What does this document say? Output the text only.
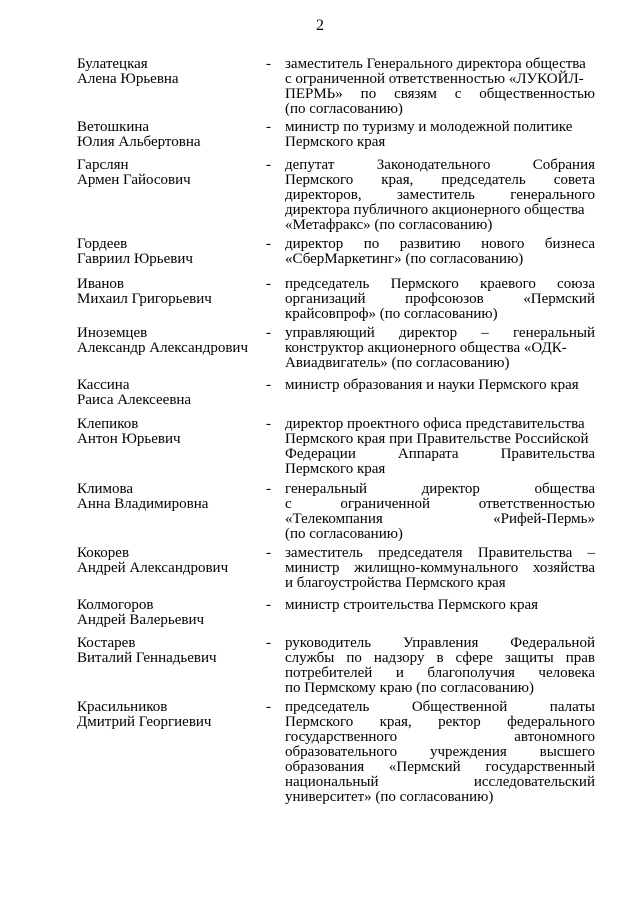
2
Булатецкая
Алена Юрьевна
- заместитель Генерального директора общества
с ограниченной ответственностью «ЛУКОЙЛ-
ПЕРМЬ» по связям с общественностью
(по согласованию)
Ветошкина
Юлия Альбертовна
- министр по туризму и молодежной политике
Пермского края
Гарслян
Армен Гайосович
- депутат Законодательного Собрания
Пермского края, председатель совета
директоров, заместитель генерального
директора публичного акционерного общества
«Метафракс» (по согласованию)
Гордеев
Гавриил Юрьевич
- директор по развитию нового бизнеса
«СберМаркетинг» (по согласованию)
Иванов
Михаил Григорьевич
- председатель Пермского краевого союза
организаций профсоюзов «Пермский
крайсовпроф» (по согласованию)
Иноземцев
Александр Александрович
- управляющий директор – генеральный
конструктор акционерного общества «ОДК-
Авиадвигатель» (по согласованию)
Кассина
Раиса Алексеевна
- министр образования и науки Пермского края
Клепиков
Антон Юрьевич
- директор проектного офиса представительства
Пермского края при Правительстве Российской
Федерации Аппарата Правительства
Пермского края
Климова
Анна Владимировна
- генеральный директор общества
с ограниченной ответственностью
«Телекомпания «Рифей-Пермь»
(по согласованию)
Кокорев
Андрей Александрович
- заместитель председателя Правительства –
министр жилищно-коммунального хозяйства
и благоустройства Пермского края
Колмогоров
Андрей Валерьевич
- министр строительства Пермского края
Костарев
Виталий Геннадьевич
- руководитель Управления Федеральной
службы по надзору в сфере защиты прав
потребителей и благополучия человека
по Пермскому краю (по согласованию)
Красильников
Дмитрий Георгиевич
- председатель Общественной палаты
Пермского края, ректор федерального
государственного автономного
образовательного учреждения высшего
образования «Пермский государственный
национальный исследовательский
университет» (по согласованию)
